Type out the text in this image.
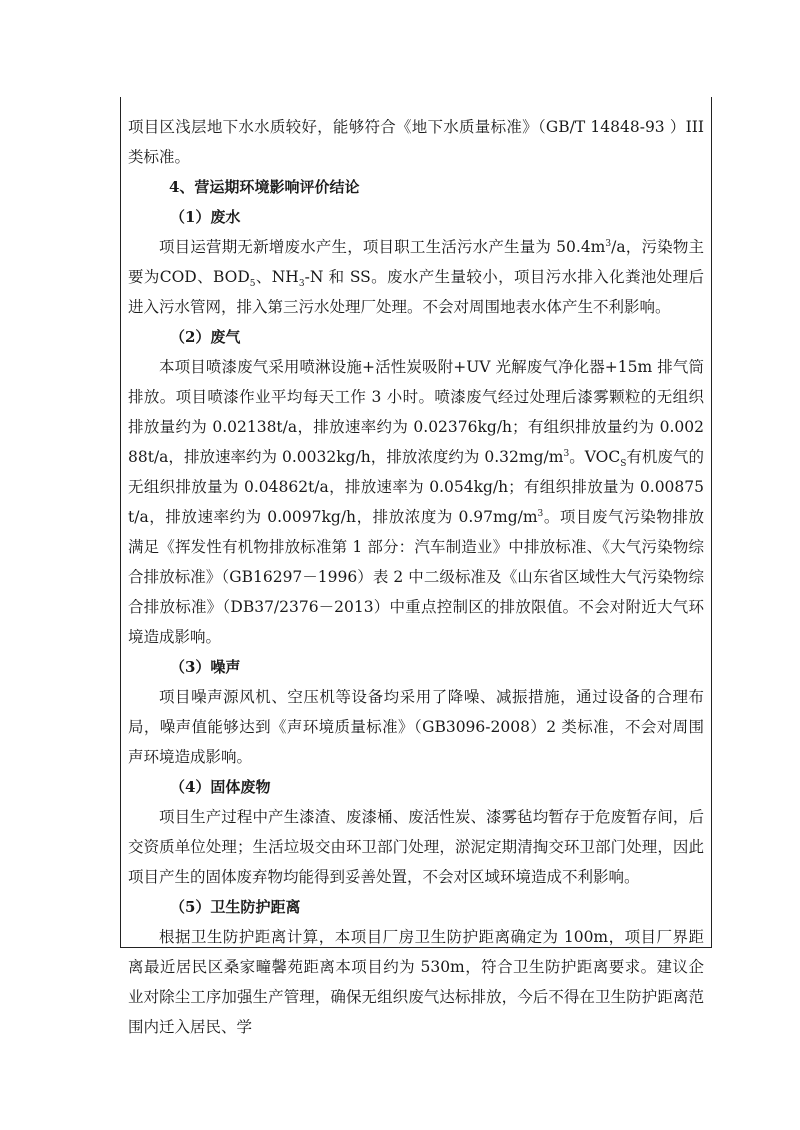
项目区浅层地下水水质较好，能够符合《地下水质量标准》（GB/T 14848-93 ）III类标准。

4、营运期环境影响评价结论

（1）废水

项目运营期无新增废水产生，项目职工生活污水产生量为 $50.4m^3/a$，污染物主要为COD、$BOD_5$、$NH_3-N$ 和 SS。废水产生量较小，项目污水排入化粪池处理后进入污水管网，排入第三污水处理厂处理。不会对周围地表水体产生不利影响。

（2）废气

本项目喷漆废气采用喷淋设施+活性炭吸附+UV 光解废气净化器+15m 排气筒排放。项目喷漆作业平均每天工作 3 小时。喷漆废气经过处理后漆雾颗粒的无组织排放量约为 0.02138t/a，排放速率约为 0.02376kg/h；有组织排放量约为 0.00288t/a，排放速率约为 0.0032kg/h，排放浓度约为 $0.32mg/m^3$。$VOC_S$有机废气的无组织排放量为 0.04862t/a，排放速率为 0.054kg/h；有组织排放量为 0.00875t/a，排放速率约为 0.0097kg/h，排放浓度为 $0.97mg/m^3$。项目废气污染物排放满足《挥发性有机物排放标准第 1 部分：汽车制造业》中排放标准、《大气污染物综合排放标准》（GB16297－1996）表 2 中二级标准及《山东省区域性大气污染物综合排放标准》（DB37/2376－2013）中重点控制区的排放限值。不会对附近大气环境造成影响。

（3）噪声

项目噪声源风机、空压机等设备均采用了降噪、减振措施，通过设备的合理布局，噪声值能够达到《声环境质量标准》（GB3096-2008）2 类标准，不会对周围声环境造成影响。

（4）固体废物

项目生产过程中产生漆渣、废漆桶、废活性炭、漆雾毡均暂存于危废暂存间，后交资质单位处理；生活垃圾交由环卫部门处理，淤泥定期清掏交环卫部门处理，因此项目产生的固体废弃物均能得到妥善处置，不会对区域环境造成不利影响。

（5）卫生防护距离

根据卫生防护距离计算，本项目厂房卫生防护距离确定为 100m，项目厂界距离最近居民区桑家疃馨苑距离本项目约为 530m，符合卫生防护距离要求。建议企业对除尘工序加强生产管理，确保无组织废气达标排放，今后不得在卫生防护距离范围内迁入居民、学
